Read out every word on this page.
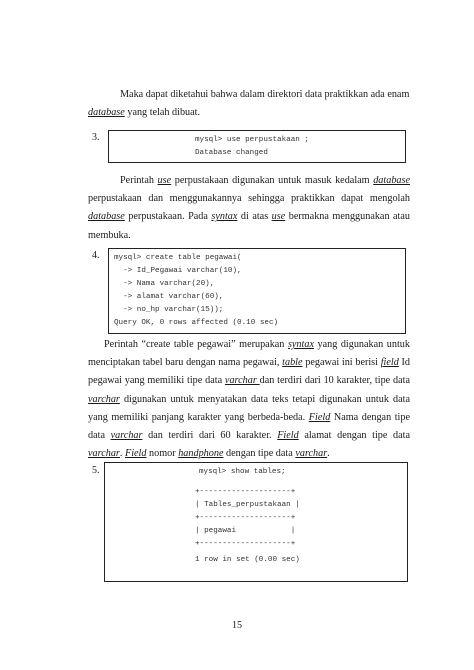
Maka dapat diketahui bahwa dalam direktori data praktikkan ada enam
database yang telah dibuat.
3.	mysql> use perpustakaan ;
Database changed

Perintah use perpustakaan digunakan untuk masuk kedalam database perpustakaan dan menggunakannya sehingga praktikkan dapat mengolah database perpustakaan. Pada syntax di atas use bermakna menggunakan atau membuka.

4. mysql> create table pegawai(
-> Id_Pegawai varchar(10),
-> Nama varchar(20),
-> alamat varchar(60),
-> no_hp varchar(15));
Query OK, 0 rows affected (0.10 sec)

Perintah “create table pegawai” merupakan syntax yang digunakan untuk menciptakan tabel baru dengan nama pegawai, table pegawai ini berisi field Id pegawai yang memiliki tipe data varchar dan terdiri dari 10 karakter, tipe data varchar digunakan untuk menyatakan data teks tetapi digunakan untuk data yang memiliki panjang karakter yang berbeda-beda. Field Nama dengan tipe data varchar dan terdiri dari 60 karakter. Field alamat dengan tipe data varchar. Field nomor handphone dengan tipe data varchar.

5.	mysql> show tables;
+--------------------+
| Tables_perpustakaan |
+--------------------+
| pegawai            |
+--------------------+
1 row in set (0.00 sec)
15
